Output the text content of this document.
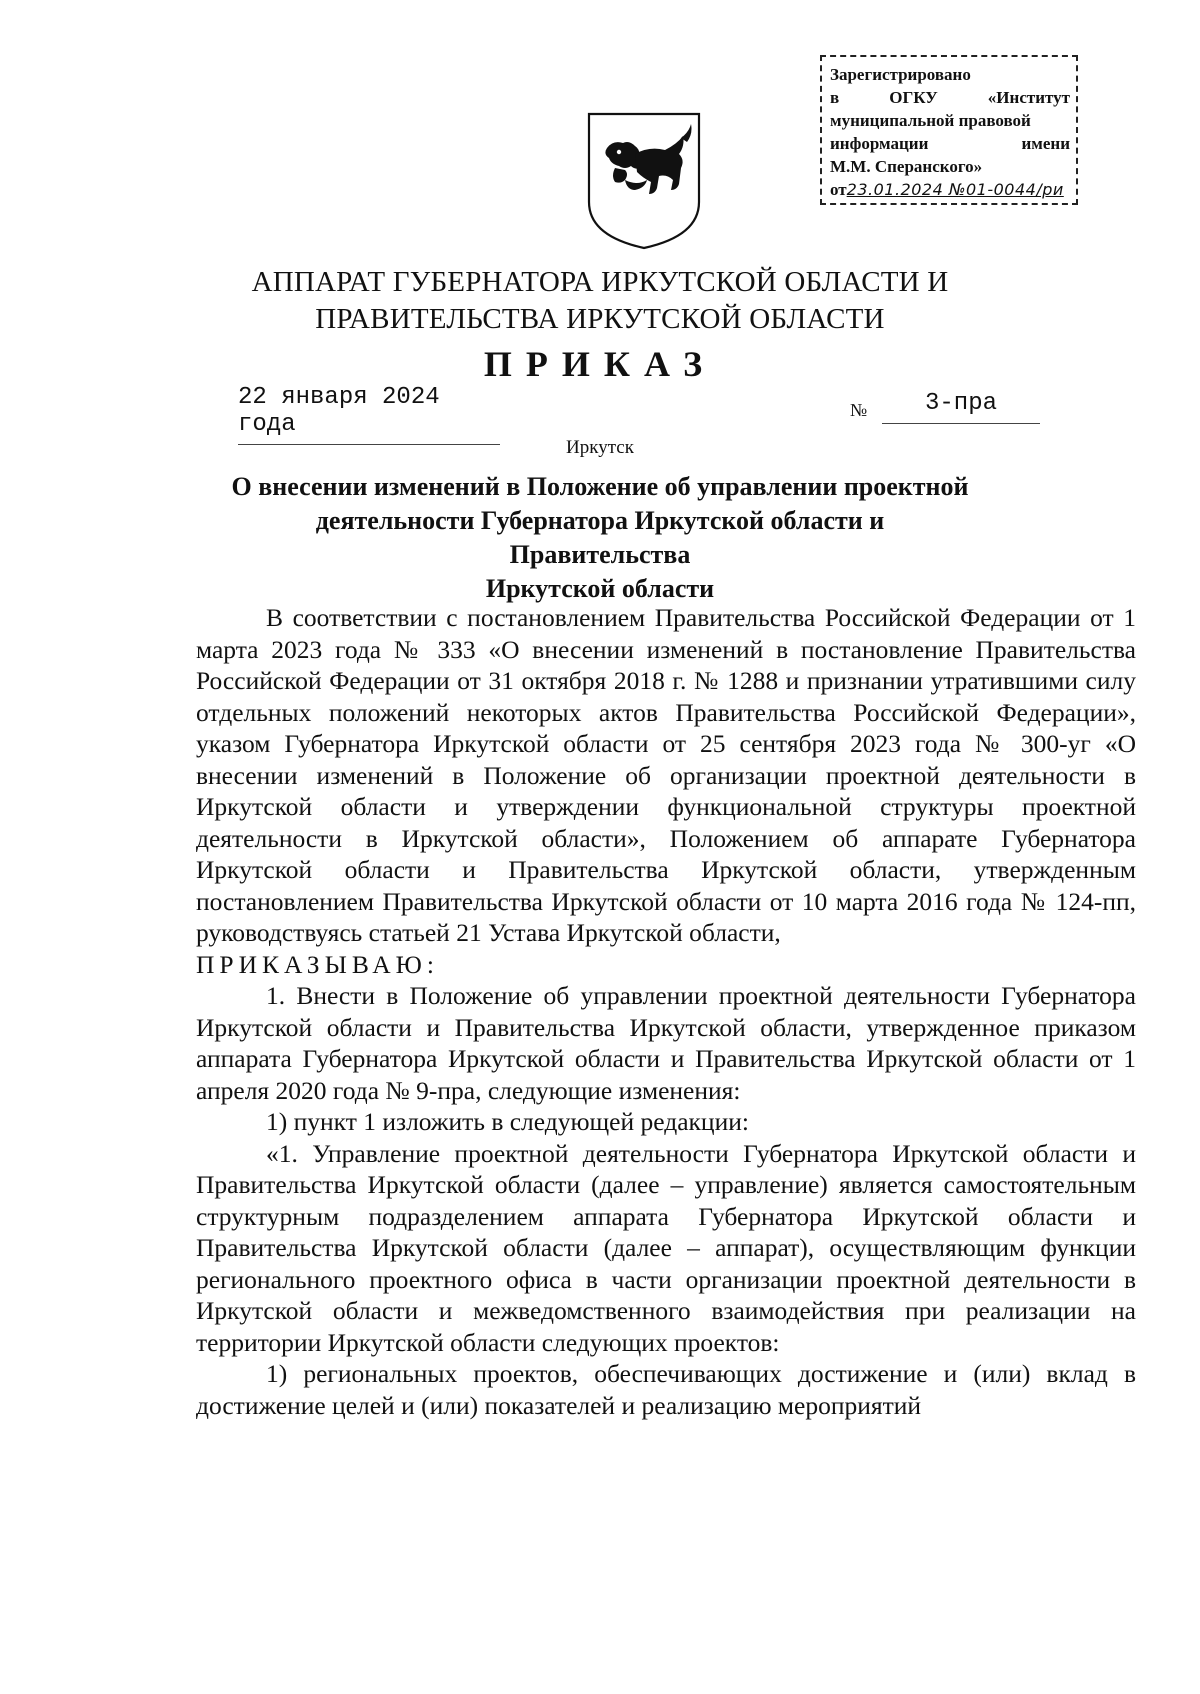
Зарегистрировано
в	ОГКУ	«Институт
муниципальной правовой
информации	имени
М.М. Сперанского»
от23.01.2024 №01-0044/ри
АППАРАТ ГУБЕРНАТОРА ИРКУТСКОЙ ОБЛАСТИ И
ПРАВИТЕЛЬСТВА ИРКУТСКОЙ ОБЛАСТИ
ПРИКАЗ
22 января 2024 года
№	3-пра
Иркутск
О внесении изменений в Положение об управлении проектной
деятельности Губернатора Иркутской области и Правительства
Иркутской области

В соответствии с постановлением Правительства Российской Федерации от 1 марта 2023 года № 333 «О внесении изменений в постановление Правительства Российской Федерации от 31 октября 2018 г. № 1288 и признании утратившими силу отдельных положений некоторых актов Правительства Российской Федерации», указом Губернатора Иркутской области от 25 сентября 2023 года № 300-уг «О внесении изменений в Положение об организации проектной деятельности в Иркутской области и утверждении функциональной структуры проектной деятельности в Иркутской области», Положением об аппарате Губернатора Иркутской области и Правительства Иркутской области, утвержденным постановлением Правительства Иркутской области от 10 марта 2016 года № 124-пп, руководствуясь статьей 21 Устава Иркутской области,

ПРИКАЗЫВАЮ:

1. Внести в Положение об управлении проектной деятельности Губернатора Иркутской области и Правительства Иркутской области, утвержденное приказом аппарата Губернатора Иркутской области и Правительства Иркутской области от 1 апреля 2020 года № 9-пра, следующие изменения:

1) пункт 1 изложить в следующей редакции:

«1. Управление проектной деятельности Губернатора Иркутской области и Правительства Иркутской области (далее – управление) является самостоятельным структурным подразделением аппарата Губернатора Иркутской области и Правительства Иркутской области (далее – аппарат), осуществляющим функции регионального проектного офиса в части организации проектной деятельности в Иркутской области и межведомственного взаимодействия при реализации на территории Иркутской области следующих проектов:

1) региональных проектов, обеспечивающих достижение и (или) вклад в достижение целей и (или) показателей и реализацию мероприятий
